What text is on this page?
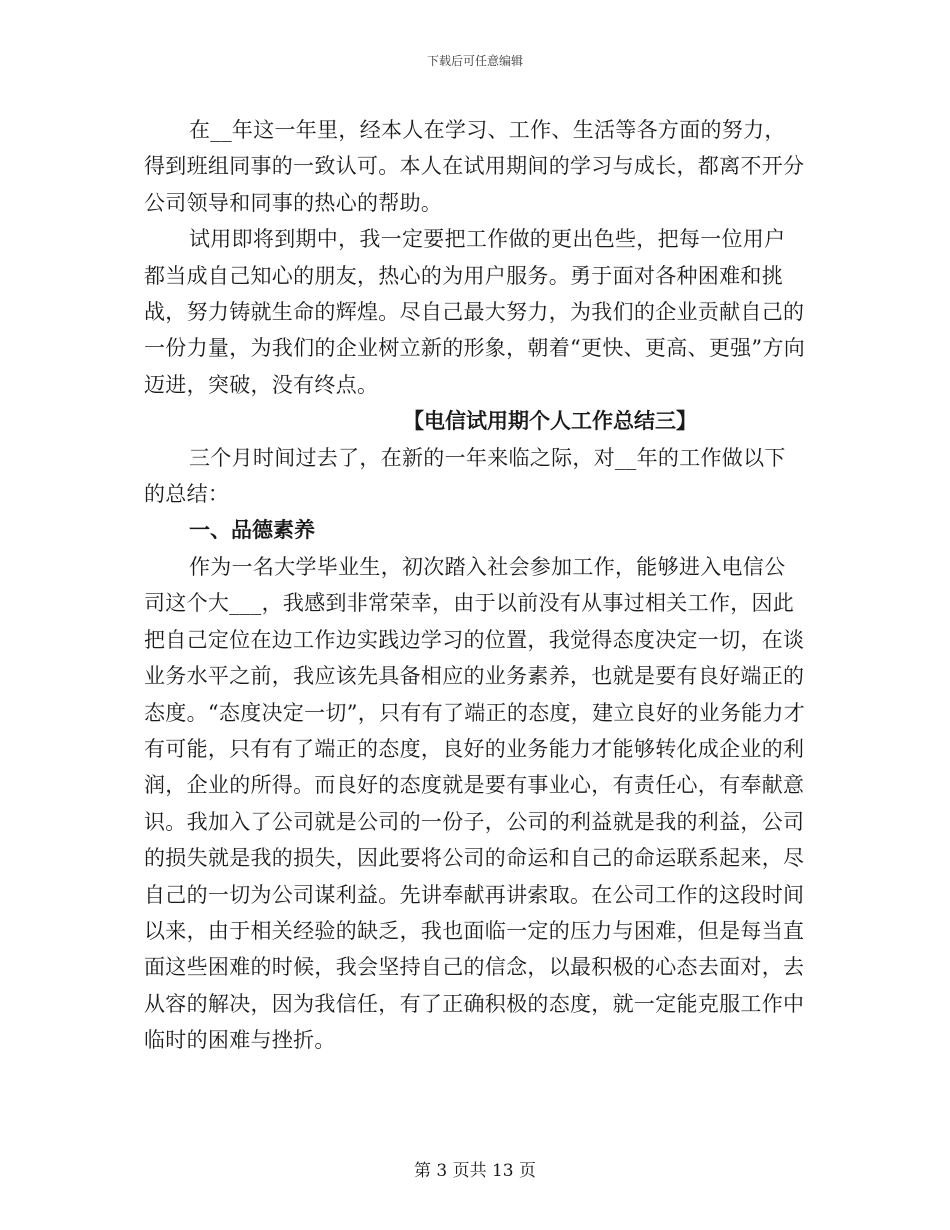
下载后可任意编辑

在__年这一年里，经本人在学习、工作、生活等各方面的努力，得到班组同事的一致认可。本人在试用期间的学习与成长，都离不开分公司领导和同事的热心的帮助。

试用即将到期中，我一定要把工作做的更出色些，把每一位用户都当成自己知心的朋友，热心的为用户服务。勇于面对各种困难和挑战，努力铸就生命的辉煌。尽自己最大努力，为我们的企业贡献自己的一份力量，为我们的企业树立新的形象，朝着“更快、更高、更强”方向迈进，突破，没有终点。

【电信试用期个人工作总结三】

三个月时间过去了，在新的一年来临之际，对__年的工作做以下的总结：

一、品德素养

作为一名大学毕业生，初次踏入社会参加工作，能够进入电信公司这个大___，我感到非常荣幸，由于以前没有从事过相关工作，因此把自己定位在边工作边实践边学习的位置，我觉得态度决定一切，在谈业务水平之前，我应该先具备相应的业务素养，也就是要有良好端正的态度。“态度决定一切”，只有有了端正的态度，建立良好的业务能力才有可能，只有有了端正的态度，良好的业务能力才能够转化成企业的利润，企业的所得。而良好的态度就是要有事业心，有责任心，有奉献意识。我加入了公司就是公司的一份子，公司的利益就是我的利益，公司的损失就是我的损失，因此要将公司的命运和自己的命运联系起来，尽自己的一切为公司谋利益。先讲奉献再讲索取。在公司工作的这段时间以来，由于相关经验的缺乏，我也面临一定的压力与困难，但是每当直面这些困难的时候，我会坚持自己的信念，以最积极的心态去面对，去从容的解决，因为我信任，有了正确积极的态度，就一定能克服工作中临时的困难与挫折。

第 3 页共 13 页
